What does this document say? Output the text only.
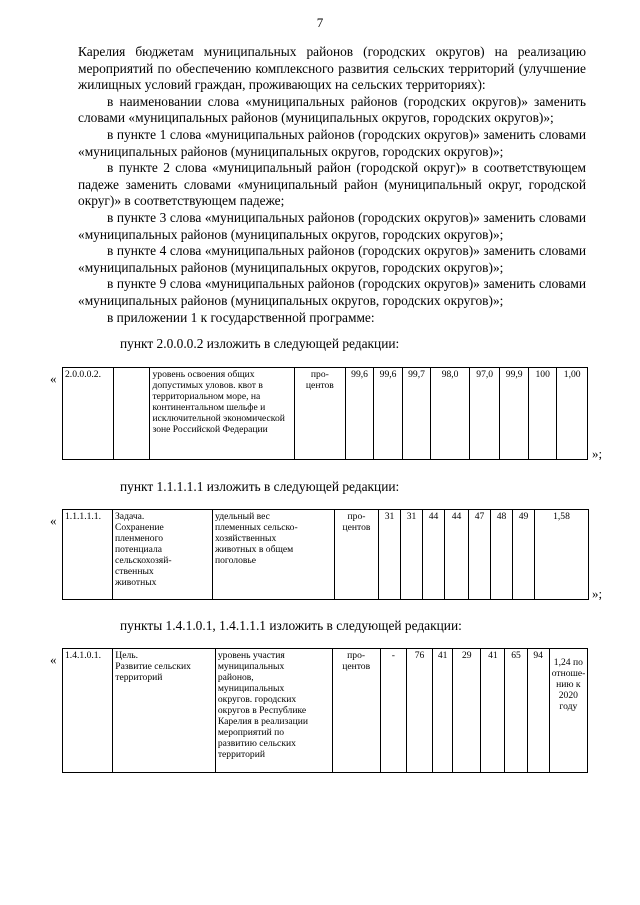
7

Карелия бюджетам муниципальных районов (городских округов) на реализацию мероприятий по обеспечению комплексного развития сельских территорий (улучшение жилищных условий граждан, проживающих на сельских территориях):

в наименовании слова «муниципальных районов (городских округов)» заменить словами «муниципальных районов (муниципальных округов, городских округов)»;

в пункте 1 слова «муниципальных районов (городских округов)» заменить словами «муниципальных районов (муниципальных округов, городских округов)»;

в пункте 2 слова «муниципальный район (городской округ)» в соответствующем падеже заменить словами «муниципальный район (муниципальный округ, городской округ)» в соответствующем падеже;

в пункте 3 слова «муниципальных районов (городских округов)» заменить словами «муниципальных районов (муниципальных округов, городских округов)»;

в пункте 4 слова «муниципальных районов (городских округов)» заменить словами «муниципальных районов (муниципальных округов, городских округов)»;

в пункте 9 слова «муниципальных районов (городских округов)» заменить словами «муниципальных районов (муниципальных округов, городских округов)»;

в приложении 1 к государственной программе:

пункт 2.0.0.0.2 изложить в следующей редакции:
« 2.0.0.0.2.		уровень освоения общих допустимых уловов. квот в территориальном море, на континентальном шельфе и исключительной экономической зоне Российской Федерации	про-
центов	99,6	99,6	99,7	98,0	97,0	99,9	100	1,00
»;
пункт 1.1.1.1.1 изложить в следующей редакции:
« 1.1.1.1.1.	Задача.
Сохранение
пленменого
потенциала
сельскохозяй-
ственных
животных	удельный вес
племенных сельско-
хозяйственных
животных в общем
поголовье	про-
центов	31	31	44	44	47	48	49	1,58
»;
пункты 1.4.1.0.1, 1.4.1.1.1 изложить в следующей редакции:
« 1.4.1.0.1.	Цель.
Развитие сельских
территорий	уровень участия
муниципальных
районов,
муниципальных
округов. городских
округов в Республике
Карелия в реализации
мероприятий по
развитию сельских
территорий	про-
центов	-	76	41	29	41	65	94	1,24 по
отноше-
нию к
2020
году
